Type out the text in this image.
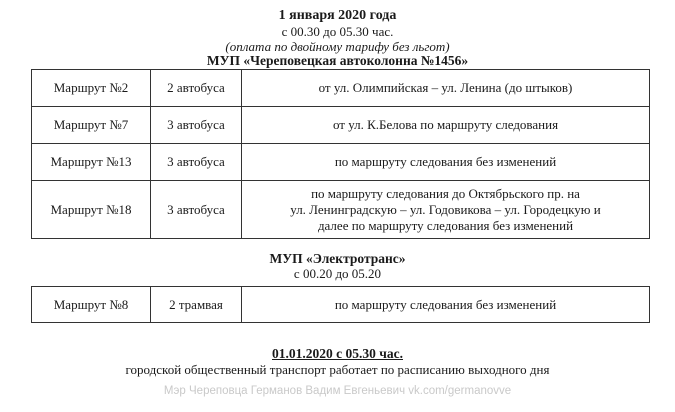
1 января 2020 года
с 00.30 до 05.30 час.
(оплата по двойному тарифу без льгот)
МУП «Череповецкая автоколонна №1456»
Маршрут №2	2 автобуса	от ул. Олимпийская – ул. Ленина (до штыков)

Маршрут №7	3 автобуса	от ул. К.Белова по маршруту следования

Маршрут №13	3 автобуса	по маршруту следования без изменений

Маршрут №18	3 автобуса	по маршруту следования до Октябрьского пр. на
ул. Ленинградскую – ул. Годовикова – ул. Городецкую и
далее по маршруту следования без изменений
МУП «Электротранс»
с 00.20 до 05.20
Маршрут №8	2 трамвая	по маршруту следования без изменений
01.01.2020 с 05.30 час.
городской общественный транспорт работает по расписанию выходного дня
Мэр Череповца Германов Вадим Евгеньевич vk.com/germanovve
